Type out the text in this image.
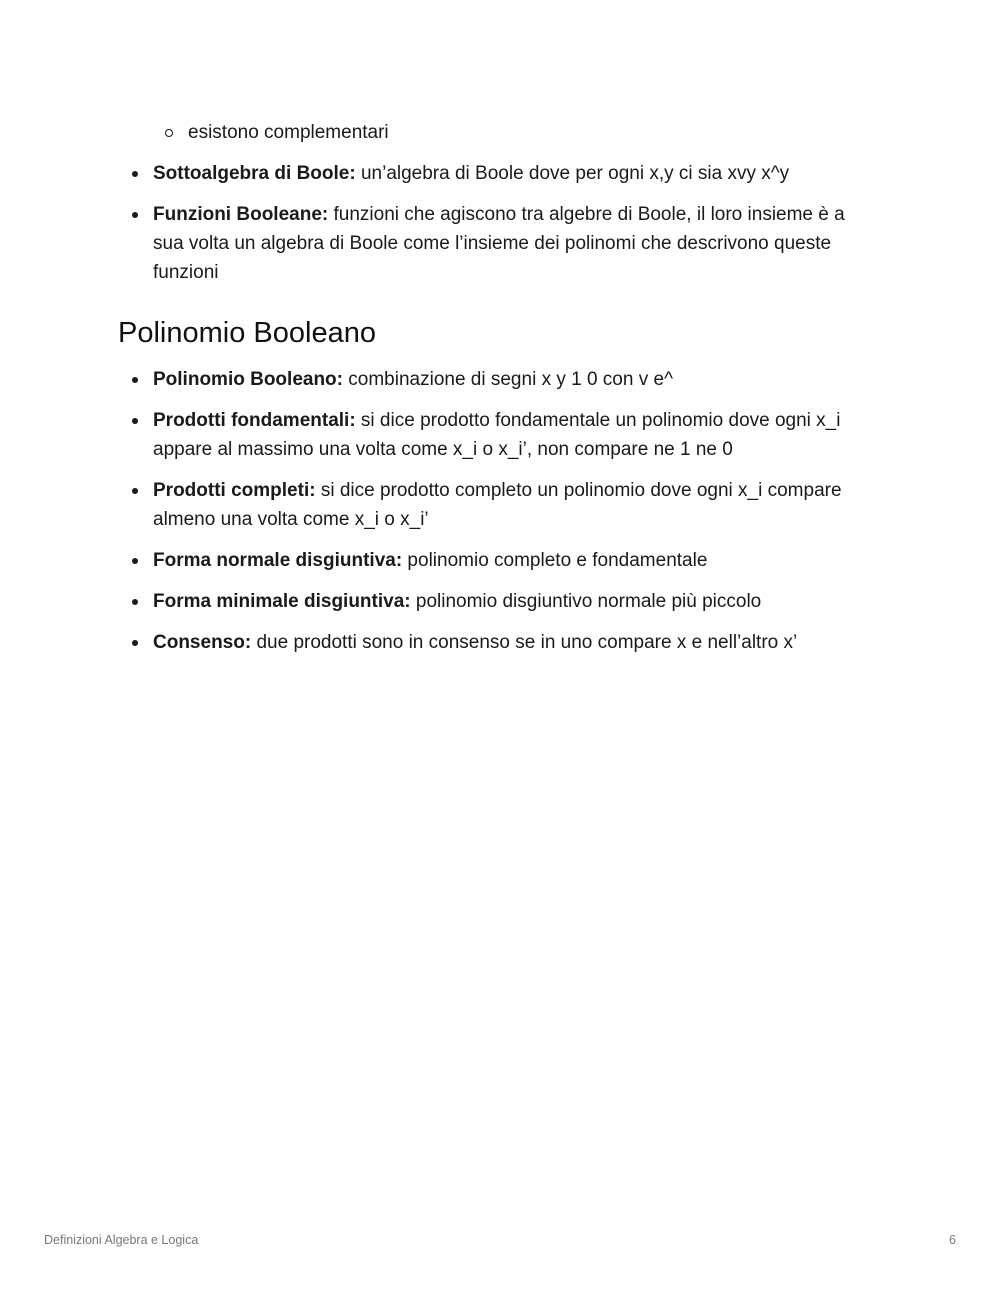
esistono complementari
Sottoalgebra di Boole: un’algebra di Boole dove per ogni x,y ci sia xvy x^y
Funzioni Booleane: funzioni che agiscono tra algebre di Boole, il loro insieme è a sua volta un algebra di Boole come l’insieme dei polinomi che descrivono queste funzioni
Polinomio Booleano
Polinomio Booleano: combinazione di segni x y 1 0 con v e^
Prodotti fondamentali: si dice prodotto fondamentale un polinomio dove ogni x_i appare al massimo una volta come x_i o x_i’, non compare ne 1 ne 0
Prodotti completi: si dice prodotto completo un polinomio dove ogni x_i compare almeno una volta come x_i o x_i’
Forma normale disgiuntiva: polinomio completo e fondamentale
Forma minimale disgiuntiva: polinomio disgiuntivo normale più piccolo
Consenso: due prodotti sono in consenso se in uno compare x e nell’altro x’
Definizioni Algebra e Logica	6
